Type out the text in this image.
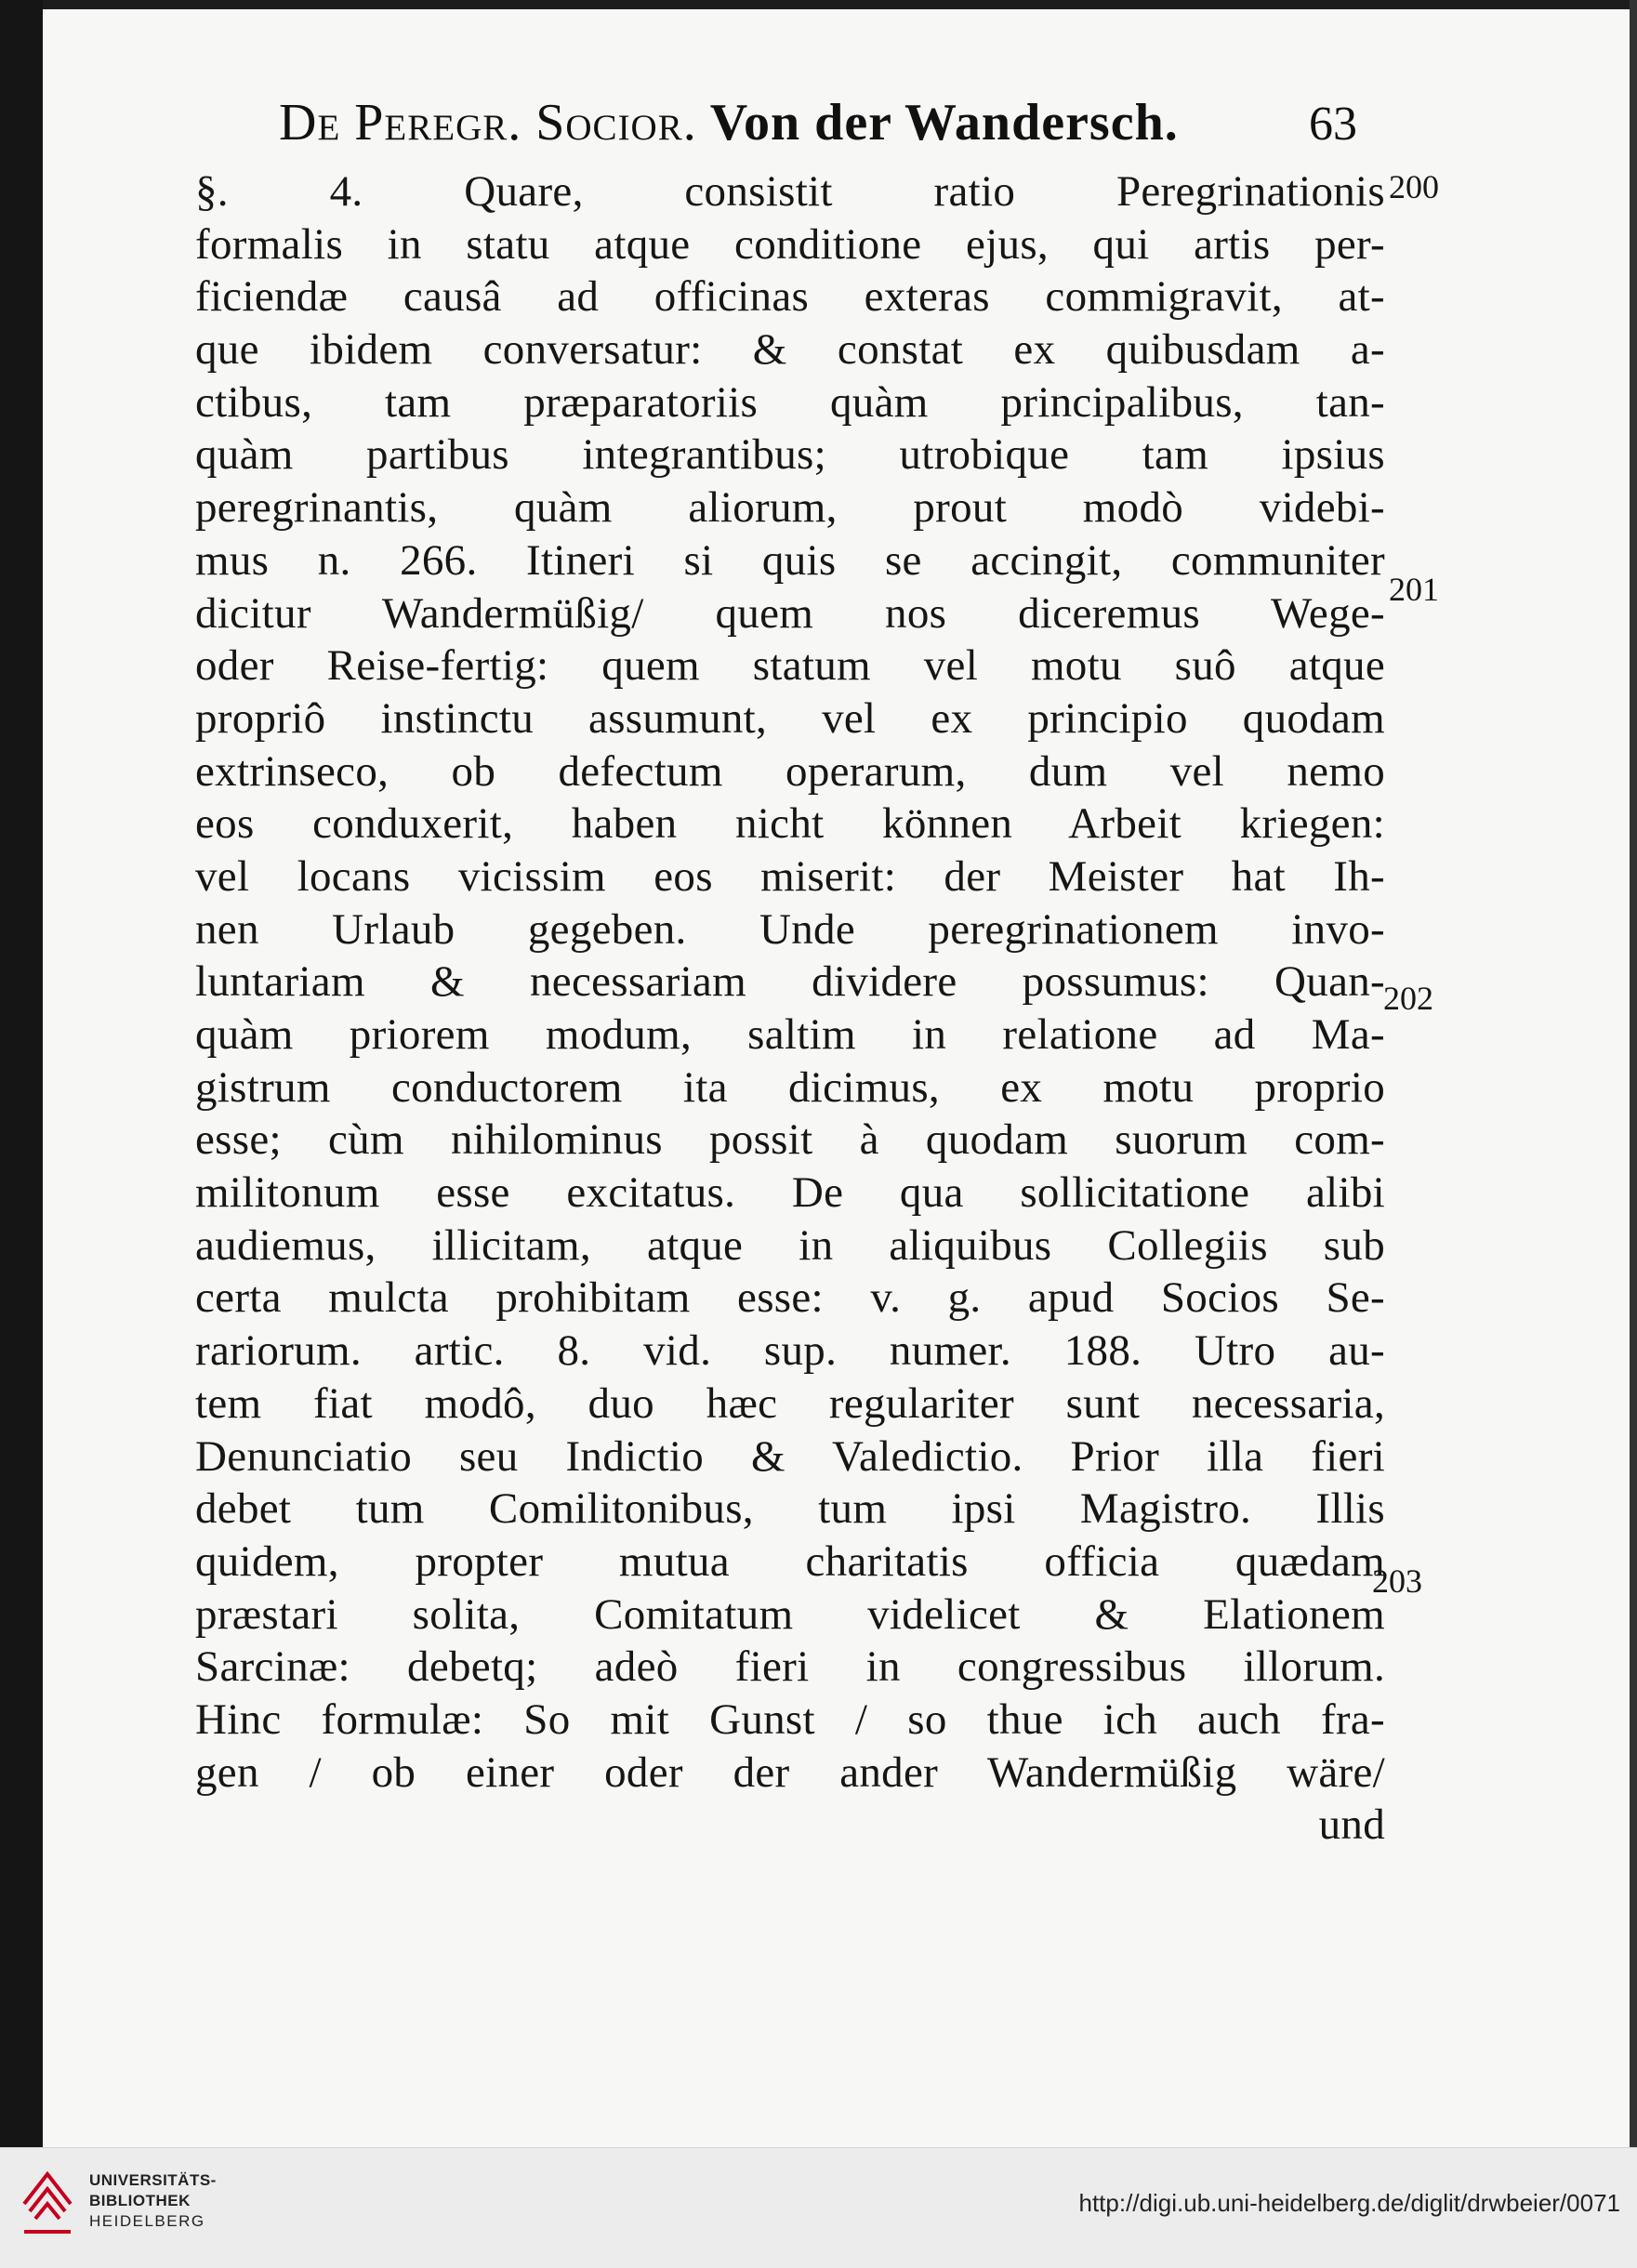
De Peregr. Socior. Von der Wandersch.	63
§. 4. Quare, consistit ratio Peregrinationis
formalis in statu atque conditione ejus, qui artis per-
ficiendæ causâ ad officinas exteras commigravit, at-
que ibidem conversatur: & constat ex quibusdam a-
ctibus, tam præparatoriis quàm principalibus, tan-
quàm partibus integrantibus; utrobique tam ipsius
peregrinantis, quàm aliorum, prout modò videbi-
mus n. 266. Itineri si quis se accingit, communiter
dicitur Wandermüßig/ quem nos diceremus Wege-
oder Reise-fertig: quem statum vel motu suô atque
propriô instinctu assumunt, vel ex principio quodam
extrinseco, ob defectum operarum, dum vel nemo
eos conduxerit, haben nicht können Arbeit kriegen:
vel locans vicissim eos miserit: der Meister hat Ih-
nen Urlaub gegeben. Unde peregrinationem invo-
luntariam & necessariam dividere possumus: Quan-
quàm priorem modum, saltim in relatione ad Ma-
gistrum conductorem ita dicimus, ex motu proprio
esse; cùm nihilominus possit à quodam suorum com-
militonum esse excitatus. De qua sollicitatione alibi
audiemus, illicitam, atque in aliquibus Collegiis sub
certa mulcta prohibitam esse: v. g. apud Socios Se-
rariorum. artic. 8. vid. sup. numer. 188. Utro au-
tem fiat modô, duo hæc regulariter sunt necessaria,
Denunciatio seu Indictio & Valedictio. Prior illa fieri
debet tum Comilitonibus, tum ipsi Magistro. Illis
quidem, propter mutua charitatis officia quædam
præstari solita, Comitatum videlicet & Elationem
Sarcinæ: debetq; adeò fieri in congressibus illorum.
Hinc formulæ: So mit Gunst / so thue ich auch fra-
gen / ob einer oder der ander Wandermüßig wäre/
und
200
201
202
203
UNIVERSITÄTS-
BIBLIOTHEK
HEIDELBERG
http://digi.ub.uni-heidelberg.de/diglit/drwbeier/0071
